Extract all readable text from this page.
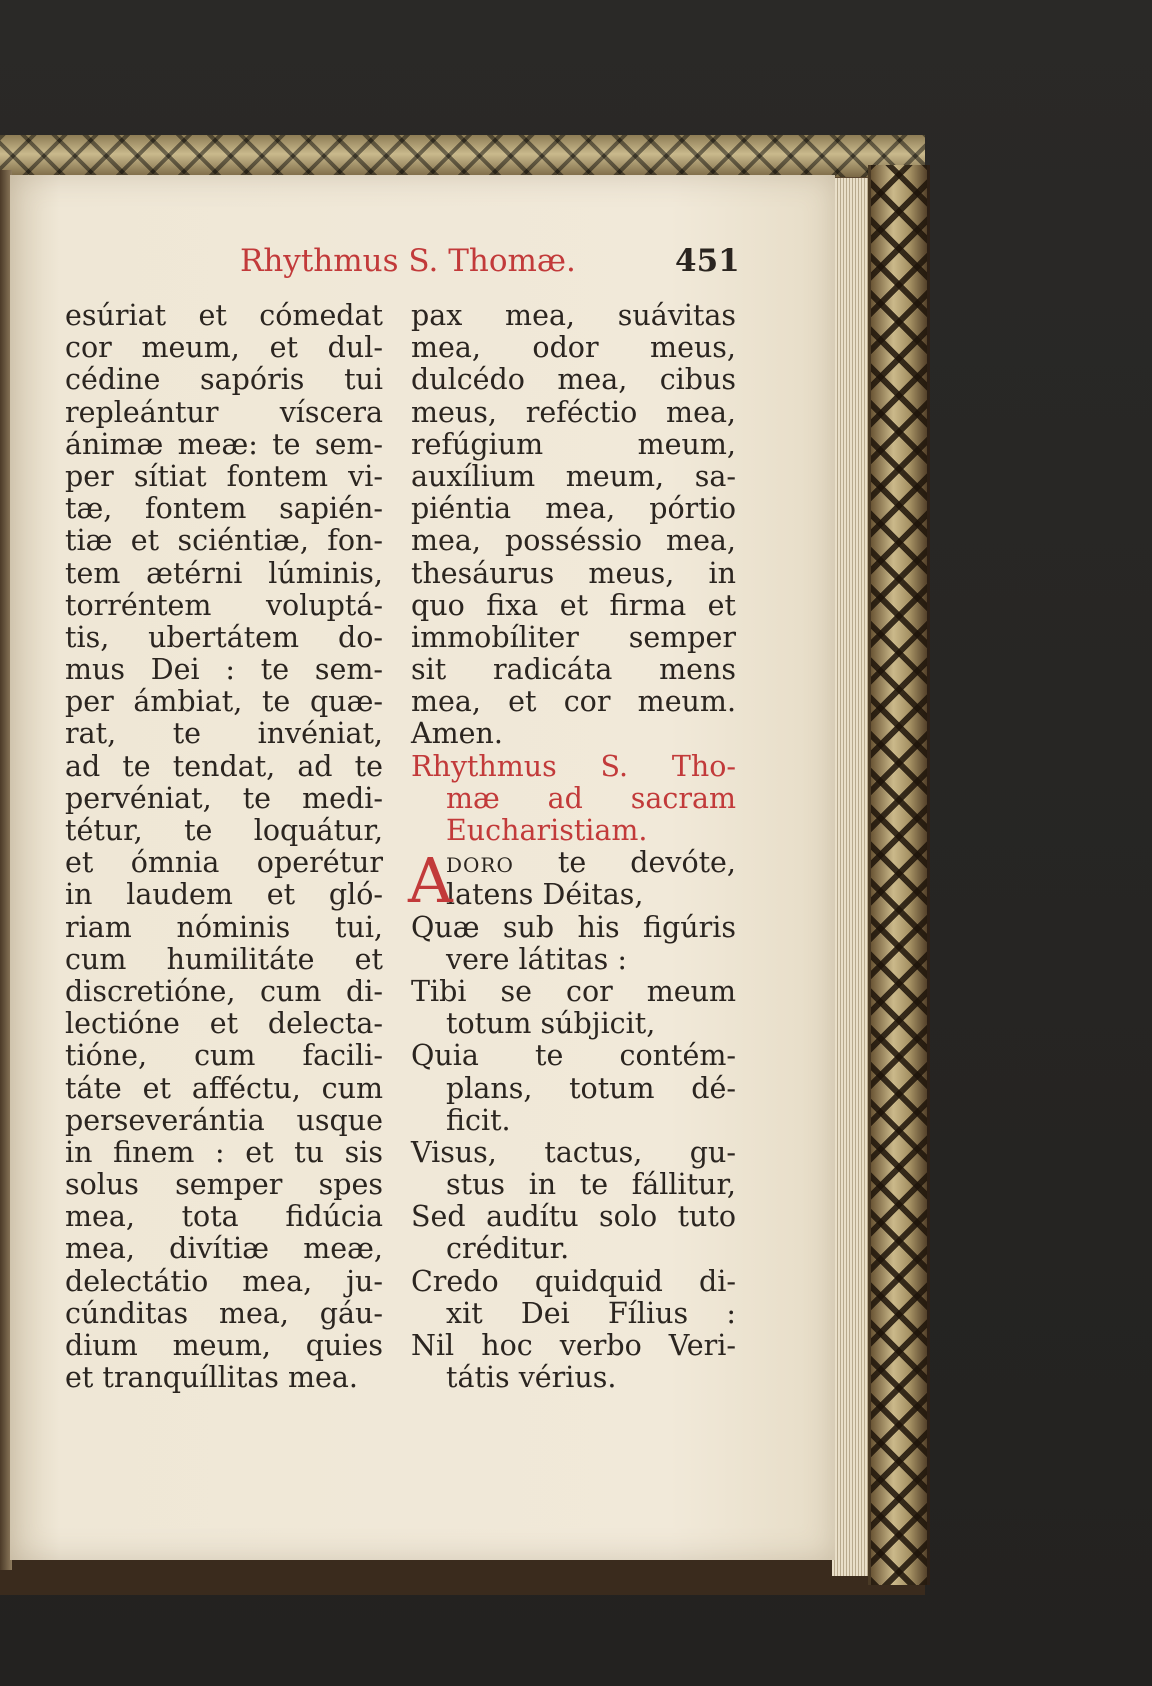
Rhythmus S. Thomæ.	451
esúriat et cómedat
cor meum, et dul-
cédine sapóris tui
repleántur víscera
ánimæ meæ: te sem-
per sítiat fontem vi-
tæ, fontem sapién-
tiæ et sciéntiæ, fon-
tem ætérni lúminis,
torréntem voluptá-
tis, ubertátem do-
mus Dei : te sem-
per ámbiat, te quæ-
rat, te invéniat,
ad te tendat, ad te
pervéniat, te medi-
tétur, te loquátur,
et ómnia operétur
in laudem et gló-
riam nóminis tui,
cum humilitáte et
discretióne, cum di-
lectióne et delecta-
tióne, cum facili-
táte et afféctu, cum
perseverántia usque
in finem : et tu sis
solus semper spes
mea, tota fidúcia
mea, divítiæ meæ,
delectátio mea, ju-
cúnditas mea, gáu-
dium meum, quies
et tranquíllitas mea.
pax mea, suávitas
mea, odor meus,
dulcédo mea, cibus
meus, reféctio mea,
refúgium meum,
auxílium meum, sa-
piéntia mea, pórtio
mea, posséssio mea,
thesáurus meus, in
quo fixa et firma et
immobíliter semper
sit radicáta mens
mea, et cor meum.
Amen.
Rhythmus S. Tho-
mæ ad sacram
Eucharistiam.
A
doro te devóte,
latens Déitas,
Quæ sub his figúris
vere látitas :
Tibi se cor meum
totum súbjicit,
Quia te contém-
plans, totum dé-
ficit.
Visus, tactus, gu-
stus in te fállitur,
Sed audítu solo tuto
créditur.
Credo quidquid di-
xit Dei Fílius :
Nil hoc verbo Veri-
tátis vérius.
